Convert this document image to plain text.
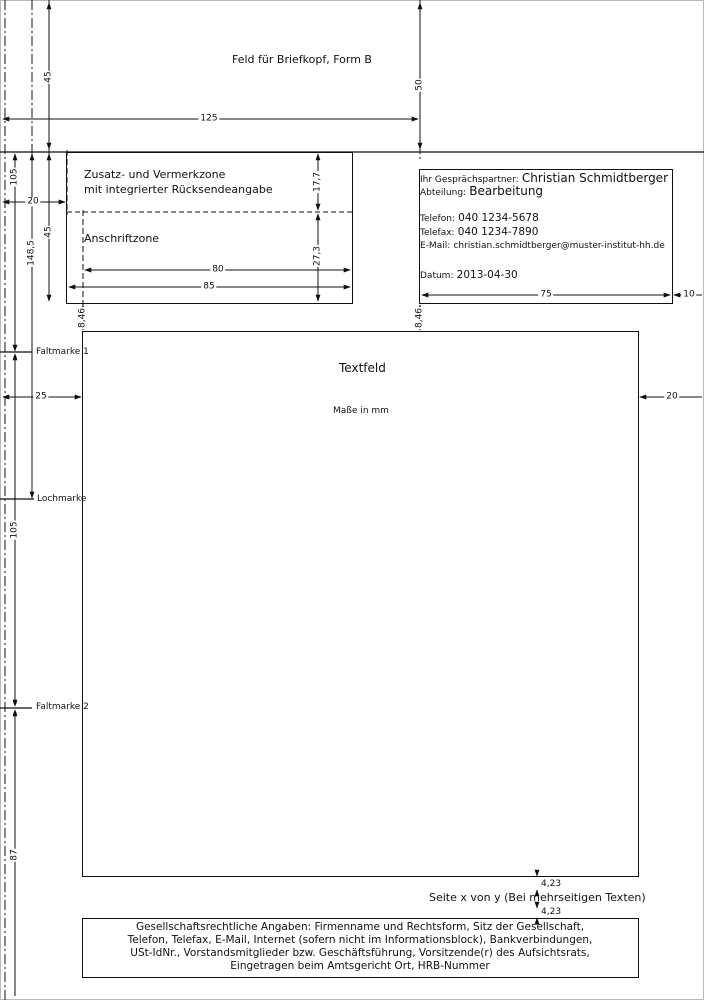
Feld für Briefkopf, Form B
Zusatz- und Vermerkzone
mit integrierter Rücksendeangabe
Anschriftzone
Ihr Gesprächspartner: Christian Schmidtberger
Abteilung: Bearbeitung
Telefon: 040 1234-5678
Telefax: 040 1234-7890
E-Mail: christian.schmidtberger@muster-institut-hh.de
Datum: 2013-04-30
Textfeld
Maße in mm
Faltmarke 1
Lochmarke
Faltmarke 2
Seite x von y (Bei mehrseitigen Texten)
Gesellschaftsrechtliche Angaben: Firmenname und Rechtsform, Sitz der Gesellschaft,
Telefon, Telefax, E-Mail, Internet (sofern nicht im Informationsblock), Bankverbindungen,
USt-IdNr., Vorstandsmitglieder bzw. Geschäftsführung, Vorsitzende(r) des Aufsichtsrats,
Eingetragen beim Amtsgericht Ort, HRB-Nummer
45
50
105
148,5
45
17,7
27,3
8,46	8,46
105
87
125
20
80
85
75	10
25	20
4,23
4,23
